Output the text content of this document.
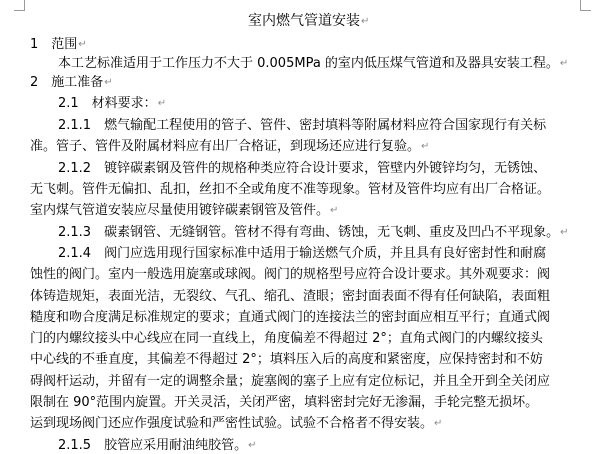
室内燃气管道安装↵
1　范围↵
本工艺标准适用于工作压力不大于 0.005MPa 的室内低压煤气管道和及器具安装工程。↵
2　施工准备↵
2.1　材料要求：↵
2.1.1　燃气输配工程使用的管子、管件、密封填料等附属材料应符合国家现行有关标
准。管子、管件及附属材料应有出厂合格证，到现场还应进行复验。↵
2.1.2　镀锌碳素钢及管件的规格种类应符合设计要求，管壁内外镀锌均匀，无锈蚀、
无飞刺。管件无偏扣、乱扣，丝扣不全或角度不准等现象。管材及管件均应有出厂合格证。
室内煤气管道安装应尽量使用镀锌碳素钢管及管件。↵
2.1.3　碳素钢管、无缝钢管。管材不得有弯曲、锈蚀，无飞刺、重皮及凹凸不平现象。↵
2.1.4　阀门应选用现行国家标准中适用于输送燃气介质，并且具有良好密封性和耐腐
蚀性的阀门。室内一般选用旋塞或球阀。阀门的规格型号应符合设计要求。其外观要求：阀
体铸造规矩，表面光洁，无裂纹、气孔、缩孔、渣眼；密封面表面不得有任何缺陷，表面粗
糙度和吻合度满足标准规定的要求；直通式阀门的连接法兰的密封面应相互平行；直通式阀
门的内螺纹接头中心线应在同一直线上，角度偏差不得超过 2°；直角式阀门的内螺纹接头
中心线的不垂直度，其偏差不得超过 2°；填料压入后的高度和紧密度，应保持密封和不妨
碍阀杆运动，并留有一定的调整余量；旋塞阀的塞子上应有定位标记，并且全开到全关闭应
限制在 90°范围内旋置。开关灵活，关闭严密，填料密封完好无渗漏，手轮完整无损坏。
运到现场阀门还应作强度试验和严密性试验。试验不合格者不得安装。↵
2.1.5　胶管应采用耐油纯胶管。↵
